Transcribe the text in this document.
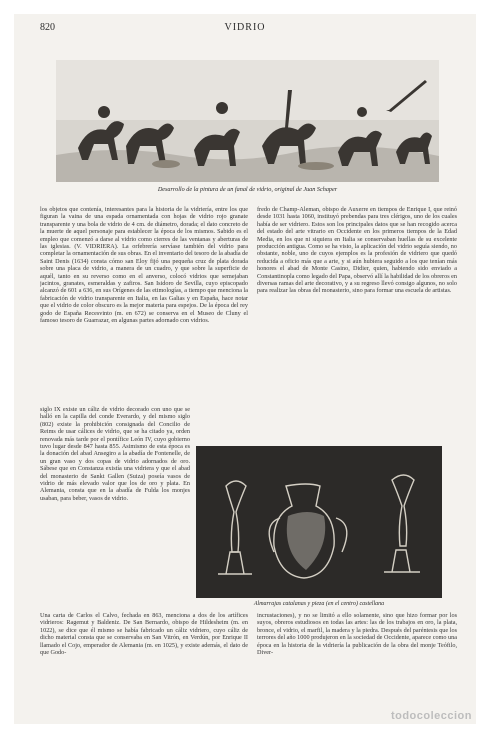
820	VIDRIO
Desarrollo de la pintura de un fanal de vidrio, original de Juan Schaper

los objetos que contenía, interesantes para la historia de la vidriería, entre los que figuran la vaina de una espada ornamentada con hojas de vidrio rojo granate transparente y una bola de vidrio de 4 cm. de diámetro, dorada; el dato concreto de la muerte de aquel personaje para establecer la época de los mismos. Sabido es el empleo que comenzó a darse al vidrio como cierres de las ventanas y aberturas de las iglesias. (V. VIDRIERA). La orfebrería servíase también del vidrio para completar la ornamentación de sus obras. En el inventario del tesoro de la abadía de Saint Denis (1634) consta cómo san Eloy fijó una pequeña cruz de plata dorada sobre una placa de vidrio, a manera de un cuadro, y que sobre la superficie de aquél, tanto en su reverso como en el anverso, colocó vidrios que semejaban jacintos, granates, esmeraldas y zafiros. San Isidoro de Sevilla, cuyo episcopado alcanzó de 601 a 636, en sus Orígenes de las etimologías, a tiempo que menciona la fabricación de vidrio transparente en Italia, en las Galias y en España, hace notar que el vidrio de color obscuro es la mejor materia para espejos. De la época del rey godo de España Recesvinto (m. en 672) se conserva en el Museo de Cluny el famoso tesoro de Guarrazar, en algunas partes adornado con vidrios.

fredo de Champ-Aleman, obispo de Auxerre en tiempos de Enrique I, que reinó desde 1031 hasta 1060, instituyó prebendas para tres clérigos, uno de los cuales había de ser vidriero. Estos son los principales datos que se han recogido acerca del estado del arte vitrario en Occidente en los primeros tiempos de la Edad Media, en los que ni siquiera en Italia se conservaban huellas de su excelente producción antigua. Como se ha visto, la aplicación del vidrio seguía siendo, no obstante, noble, uno de cuyos ejemplos es la profesión de vidriero que quedó reducida a oficio más que a arte, y si aún hubiera seguido a los que tenían más honores el abad de Monte Casino, Didier, quien, habiendo sido enviado a Constantinopla como legado del Papa, observó allí la habilidad de los obreros en diversas ramas del arte decorativo, y a su regreso llevó consigo algunos, no solo para realizar las obras del monasterio, sino para formar una escuela de artistas.

siglo IX existe un cáliz de vidrio decorado con uno que se halló en la capilla del conde Everardo, y del mismo siglo (802) existe la prohibición consignada del Concilio de Reims de usar cálices de vidrio, que se ha citado ya, orden renovada más tarde por el pontífice León IV, cuyo gobierno tuvo lugar desde 847 hasta 855. Asimismo de esta época es la donación del abad Ansegiro a la abadía de Fontenelle, de un gran vaso y dos copas de vidrio adornados de oro. Sábese que en Constanza existía una vidriera y que el abad del monasterio de Sankt Gallen (Suiza) poseía vasos de vidrio de más elevado valor que los de oro y plata. En Alemania, consta que en la abadía de Fulda los monjes usaban, para beber, vasos de vidrio.

Almarrajas catalanas y pieza (en el centro) castellana

Una carta de Carlos el Calvo, fechada en 863, menciona a dos de los artífices vidrieros: Ragemut y Baldeniz. De San Bernardo, obispo de Hildesheim (m. en 1022), se dice que él mismo se había fabricado un cáliz vidriero, cuyo cáliz de dicho material consta que se conservaba en San Vitrón, en Verdún, por Enrique II llamado el Cojo, emperador de Alemania (m. en 1025), y existe además, el dato de que Godo-

incrustaciones), y no se limitó a ello solamente, sino que hizo formar por los suyos, obreros estudiosos en todas las artes: las de los trabajos en oro, la plata, bronce, el vidrio, el marfil, la madera y la piedra. Después del paréntesis que los terrores del año 1000 produjeron en la sociedad de Occidente, aparece como una época en la historia de la vidriería la publicación de la obra del monje Teófilo, Diver-

todocoleccion
